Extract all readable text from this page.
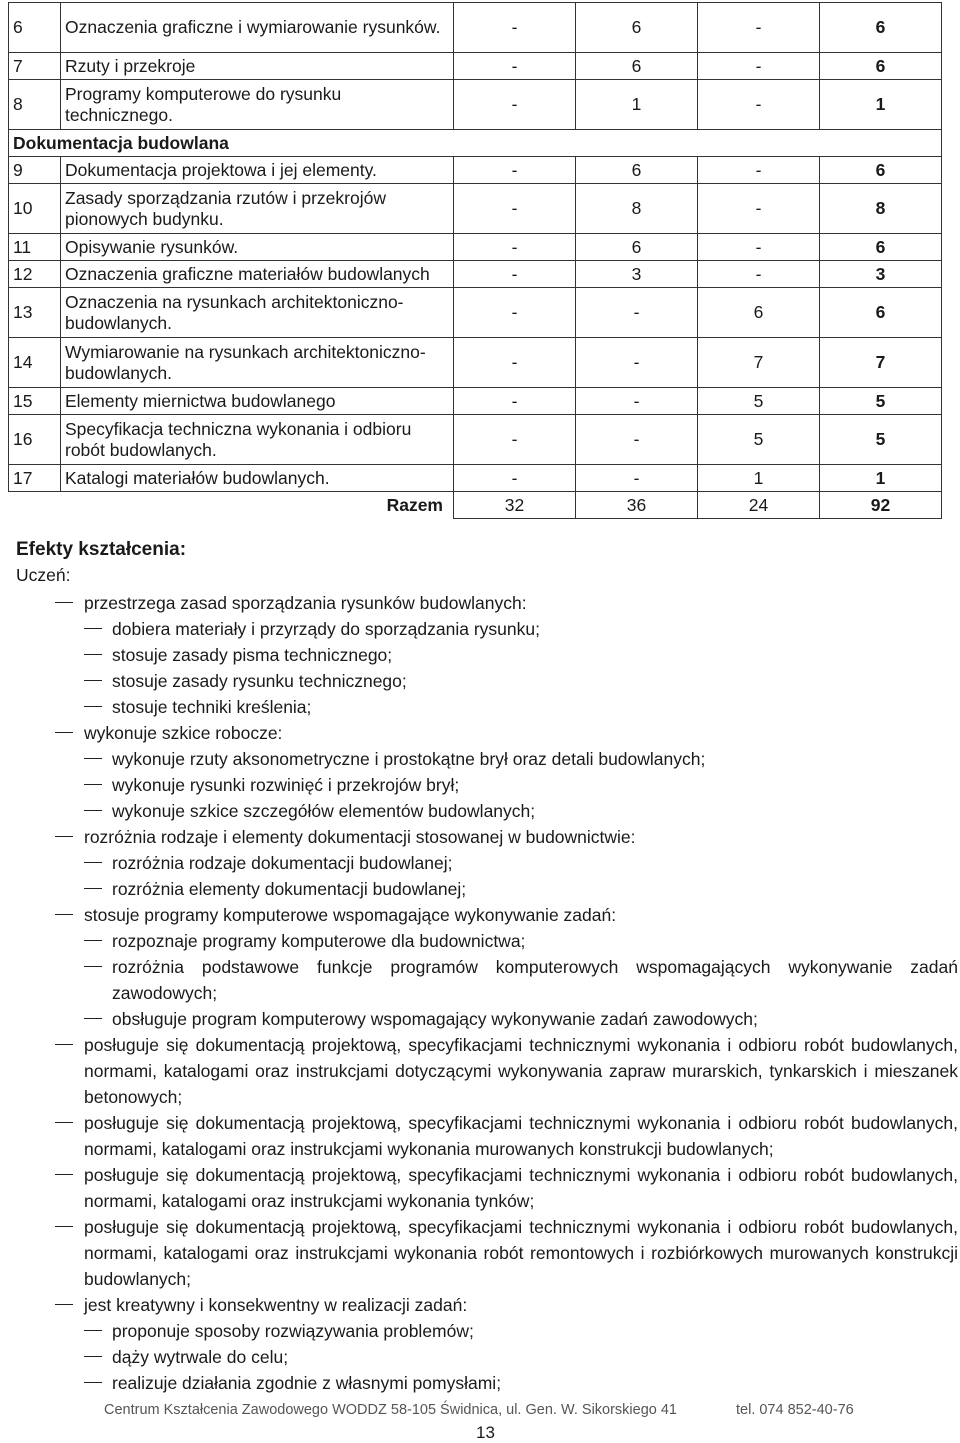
6	Oznaczenia graficzne i wymiarowanie rysunków.	-	6	-	6
7	Rzuty i przekroje	-	6	-	6
8	Programy komputerowe do rysunku technicznego.	-	1	-	1
Dokumentacja budowlana					
9	Dokumentacja projektowa i jej elementy.	-	6	-	6
10	Zasady sporządzania rzutów i przekrojów pionowych budynku.	-	8	-	8
11	Opisywanie rysunków.	-	6	-	6
12	Oznaczenia graficzne materiałów budowlanych	-	3	-	3
13	Oznaczenia na rysunkach architektoniczno-budowlanych.	-	-	6	6
14	Wymiarowanie na rysunkach architektoniczno-budowlanych.	-	-	7	7
15	Elementy miernictwa budowlanego	-	-	5	5
16	Specyfikacja techniczna wykonania i odbioru robót budowlanych.	-	-	5	5
17	Katalogi materiałów budowlanych.	-	-	1	1
Razem		32	36	24	92
Efekty kształcenia:
Uczeń:
przestrzega zasad sporządzania rysunków budowlanych:
dobiera materiały i przyrządy do sporządzania rysunku;
stosuje zasady pisma technicznego;
stosuje zasady rysunku technicznego;
stosuje techniki kreślenia;
wykonuje szkice robocze:
wykonuje rzuty aksonometryczne i prostokątne brył oraz detali budowlanych;
wykonuje rysunki rozwinięć i przekrojów brył;
wykonuje szkice szczegółów elementów budowlanych;
rozróżnia rodzaje i elementy dokumentacji stosowanej w budownictwie:
rozróżnia rodzaje dokumentacji budowlanej;
rozróżnia elementy dokumentacji budowlanej;
stosuje programy komputerowe wspomagające wykonywanie zadań:
rozpoznaje programy komputerowe dla budownictwa;
rozróżnia podstawowe funkcje programów komputerowych wspomagających wykonywanie zadań zawodowych;
obsługuje program komputerowy wspomagający wykonywanie zadań zawodowych;
posługuje się dokumentacją projektową, specyfikacjami technicznymi wykonania i odbioru robót budowlanych, normami, katalogami oraz instrukcjami dotyczącymi wykonywania zapraw murarskich, tynkarskich i mieszanek betonowych;
posługuje się dokumentacją projektową, specyfikacjami technicznymi wykonania i odbioru robót budowlanych, normami, katalogami oraz instrukcjami wykonania murowanych konstrukcji budowlanych;
posługuje się dokumentacją projektową, specyfikacjami technicznymi wykonania i odbioru robót budowlanych, normami, katalogami oraz instrukcjami wykonania tynków;
posługuje się dokumentacją projektową, specyfikacjami technicznymi wykonania i odbioru robót budowlanych, normami, katalogami oraz instrukcjami wykonania robót remontowych i rozbiórkowych murowanych konstrukcji budowlanych;
jest kreatywny i konsekwentny w realizacji zadań:
proponuje sposoby rozwiązywania problemów;
dąży wytrwale do celu;
realizuje działania zgodnie z własnymi pomysłami;
Centrum Kształcenia Zawodowego WODDZ 58-105 Świdnica, ul. Gen. W. Sikorskiego 41	tel. 074 852-40-76
13
